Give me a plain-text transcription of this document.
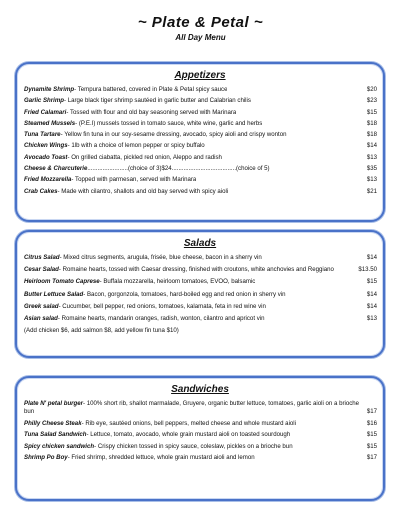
~ Plate & Petal ~
All Day Menu
Appetizers
Dynamite Shrimp- Tempura battered, covered in Plate & Petal spicy sauce	$20
Garlic Shrimp- Large black tiger shrimp sautéed in garlic butter and Calabrian chilis	$23
Fried Calamari- Tossed with flour and old bay seasoning served with Marinara	$15
Steamed Mussels- (P.E.I) mussels tossed in tomato sauce, white wine, garlic and herbs	$18
Tuna Tartare- Yellow fin tuna in our soy-sesame dressing, avocado, spicy aioli and crispy wonton	$18
Chicken Wings- 1lb with a choice of lemon pepper or spicy buffalo	$14
Avocado Toast- On grilled ciabatta, pickled red onion, Aleppo and radish	$13
Cheese & Charcuterie........................(choice of 3)$24......................................(choice of 5)	$35
Fried Mozzarella- Topped with parmesan, served with Marinara	$13
Crab Cakes- Made with cilantro, shallots and old bay served with spicy aioli	$21
Salads
Citrus Salad- Mixed citrus segments, arugula, frisée, blue cheese, bacon in a sherry vin	$14
Cesar Salad- Romaine hearts, tossed with Caesar dressing, finished with croutons, white anchovies and Reggiano	$13.50
Heirloom Tomato Caprese- Buffala mozzarella, heirloom tomatoes, EVOO, balsamic	$15
Butter Lettuce Salad- Bacon, gorgonzola, tomatoes, hard-boiled egg and red onion in sherry vin	$14
Greek salad- Cucumber, bell pepper, red onions, tomatoes, kalamata, feta in red wine vin	$14
Asian salad- Romaine hearts, mandarin oranges, radish, wonton, cilantro and apricot vin	$13
(Add chicken $6, add salmon $8, add yellow fin tuna $10)
Sandwiches
Plate N' petal burger- 100% short rib, shallot marmalade, Gruyere, organic butter lettuce, tomatoes, garlic aioli on a brioche bun	$17
Philly Cheese Steak- Rib eye, sautéed onions, bell peppers, melted cheese and whole mustard aioli	$16
Tuna Salad Sandwich- Lettuce, tomato, avocado, whole grain mustard aioli on toasted sourdough	$15
Spicy chicken sandwich- Crispy chicken tossed in spicy sauce, coleslaw, pickles on a brioche bun	$15
Shrimp Po Boy- Fried shrimp, shredded lettuce, whole grain mustard aioli and lemon	$17
